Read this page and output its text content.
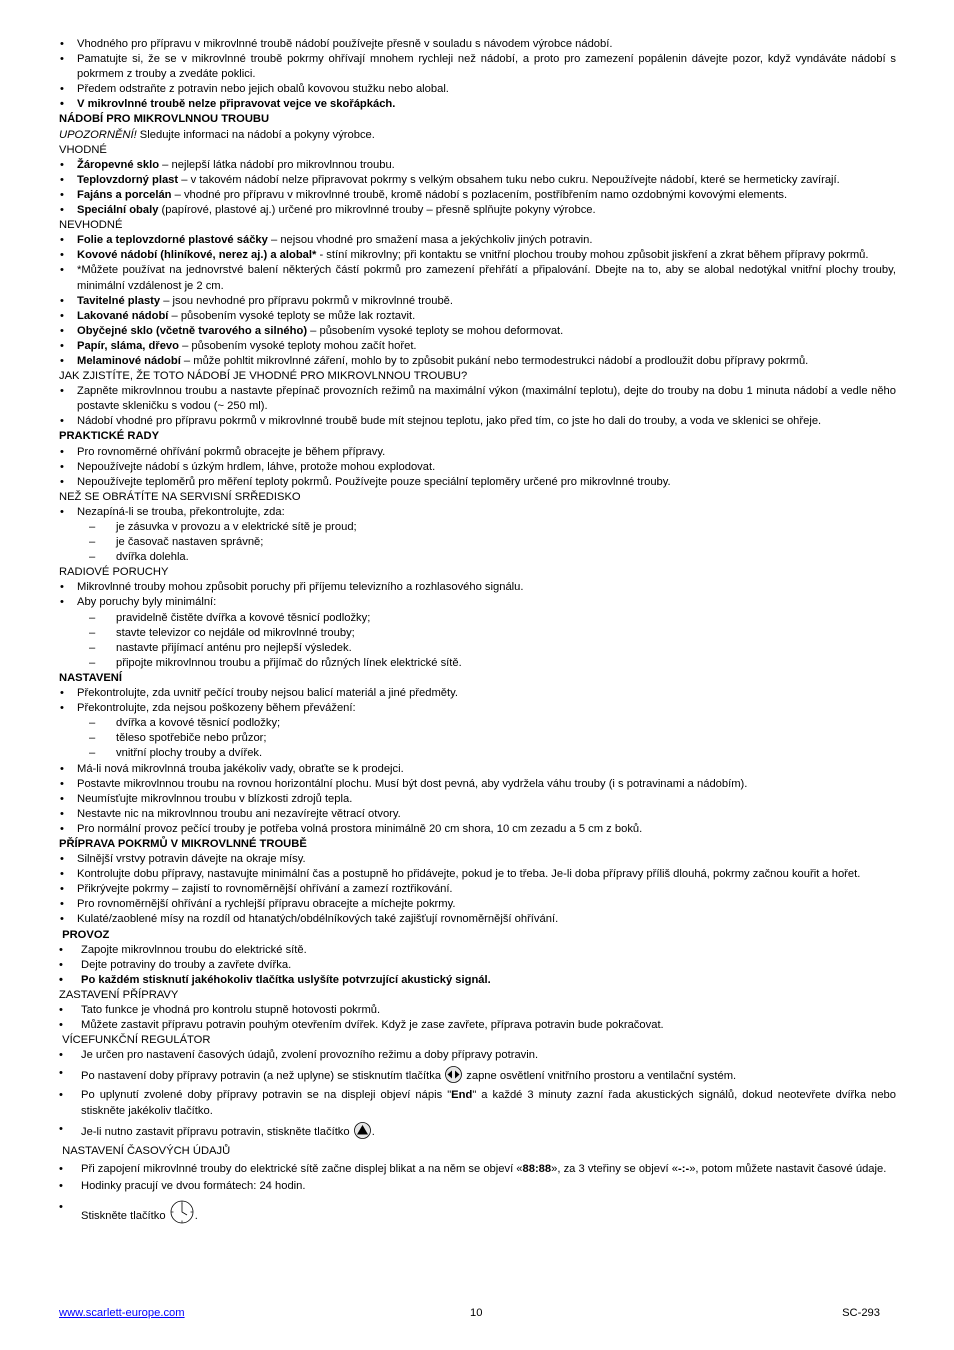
• Vhodného pro přípravu v mikrovlnné troubě nádobí používejte přesně v souladu s návodem výrobce nádobí.

• Pamatujte si, že se v mikrovlnné troubě pokrmy ohřívají mnohem rychleji než nádobí, a proto pro zamezení popálenin dávejte pozor, když vyndáváte nádobí s pokrmem z trouby a zvedáte poklici.

• Předem odstraňte z potravin nebo jejich obalů kovovou stužku nebo alobal.

• V mikrovlnné troubě nelze připravovat vejce ve skořápkách.

NÁDOBÍ PRO MIKROVLNNOU TROUBU

UPOZORNĚNÍ! Sledujte informaci na nádobí a pokyny výrobce.

VHODNÉ

• Žáropevné sklo – nejlepší látka nádobí pro mikrovlnnou troubu.

• Teplovzdorný plast – v takovém nádobí nelze připravovat pokrmy s velkým obsahem tuku nebo cukru. Nepoužívejte nádobí, které se hermeticky zavírají.

• Fajáns a porcelán – vhodné pro přípravu v mikrovlnné troubě, kromě nádobí s pozlacením, postříbřením namo ozdobnými kovovými elements.

• Speciální obaly (papírové, plastové aj.) určené pro mikrovlnné trouby – přesně splňujte pokyny výrobce.

NEVHODNÉ

• Folie a teplovzdorné plastové sáčky – nejsou vhodné pro smažení masa a jekýchkoliv jiných potravin.

• Kovové nádobí (hliníkové, nerez aj.) a alobal* - stíní mikrovlny; při kontaktu se vnitřní plochou trouby mohou způsobit jiskření a zkrat během přípravy pokrmů.

• *Můžete používat na jednovrstvé balení některých částí pokrmů pro zamezení přehřátí a připalování. Dbejte na to, aby se alobal nedotýkal vnitřní plochy trouby, minimální vzdálenost je 2 cm.

• Tavitelné plasty – jsou nevhodné pro přípravu pokrmů v mikrovlnné troubě.

• Lakované nádobí – působením vysoké teploty se může lak roztavit.

• Obyčejné sklo (včetně tvarového a silného) – působením vysoké teploty se mohou deformovat.

• Papír, sláma, dřevo – působením vysoké teploty mohou začít hořet.

• Melaminové nádobí – může pohltit mikrovlnné záření, mohlo by to způsobit pukání nebo termodestrukci nádobí a prodloužit dobu přípravy pokrmů.

JAK ZJISTÍTE, ŽE TOTO NÁDOBÍ JE VHODNÉ PRO MIKROVLNNOU TROUBU?

• Zapněte mikrovlnnou troubu a nastavte přepínač provozních režimů na maximální výkon (maximální teplotu), dejte do trouby na dobu 1 minuta nádobí a vedle něho postavte skleničku s vodou (~ 250 ml).

• Nádobí vhodné pro přípravu pokrmů v mikrovlnné troubě bude mít stejnou teplotu, jako před tím, co jste ho dali do trouby, a voda ve sklenici se ohřeje.

PRAKTICKÉ RADY

• Pro rovnoměrné ohřívání pokrmů obracejte je během přípravy.

• Nepoužívejte nádobí s úzkým hrdlem, láhve, protože mohou explodovat.

• Nepoužívejte teploměrů pro měření teploty pokrmů. Používejte pouze speciální teploměry určené pro mikrovlnné trouby.

NEŽ SE OBRÁTÍTE NA SERVISNÍ SRŘEDISKO

• Nezapíná-li se trouba, překontrolujte, zda:

– je zásuvka v provozu a v elektrické sítě je proud;

– je časovač nastaven správně;

– dvířka dolehla.

RADIOVÉ PORUCHY

• Mikrovlnné trouby mohou způsobit poruchy při příjemu televizního a rozhlasového signálu.

• Aby poruchy byly minimální:

– pravidelně čistěte dvířka a kovové těsnicí podložky;

– stavte televizor co nejdále od mikrovlnné trouby;

– nastavte přijímací anténu pro nejlepší výsledek.

– připojte mikrovlnnou troubu a přijímač do různých línek elektrické sítě.

NASTAVENÍ

• Překontrolujte, zda uvnitř pečící trouby nejsou balicí materiál a jiné předměty.

• Překontrolujte, zda nejsou poškozeny během převážení:

– dvířka a kovové těsnicí podložky;

– těleso spotřebiče nebo průzor;

– vnitřní plochy trouby a dvířek.

• Má-li nová mikrovlnná trouba jakékoliv vady, obraťte se k prodejci.

• Postavte mikrovlnnou troubu na rovnou horizontální plochu. Musí být dost pevná, aby vydržela váhu trouby (i s potravinami a nádobím).

• Neumísťujte mikrovlnnou troubu v blízkosti zdrojů tepla.

• Nestavte nic na mikrovlnnou troubu ani nezavírejte větrací otvory.

• Pro normální provoz pečící trouby je potřeba volná prostora minimálně 20 cm shora, 10 cm zezadu a 5 cm z boků.

PŘÍPRAVA POKRMŮ V MIKROVLNNÉ TROUBĚ

• Silnější vrstvy potravin dávejte na okraje mísy.

• Kontrolujte dobu přípravy, nastavujte minimální čas a postupně ho přidávejte, pokud je to třeba. Je-li doba přípravy příliš dlouhá, pokrmy začnou kouřit a hořet.

• Přikrývejte pokrmy – zajistí to rovnoměrnější ohřívání a zamezí roztřikování.

• Pro rovnoměrnější ohřívání a rychlejší přípravu obracejte a míchejte pokrmy.

• Kulaté/zaoblené mísy na rozdíl od htanatých/obdélníkových také zajišťují rovnoměrnější ohřívání.

PROVOZ

• Zapojte mikrovlnnou troubu do elektrické sítě.

• Dejte potraviny do trouby a zavřete dvířka.

• Po každém stisknutí jakéhokoliv tlačítka uslyšíte potvrzující akustický signál.

ZASTAVENÍ PŘÍPRAVY

• Tato funkce je vhodná pro kontrolu stupně hotovosti pokrmů.

• Můžete zastavit přípravu potravin pouhým otevřením dvířek. Když je zase zavřete, příprava potravin bude pokračovat.

VÍCEFUNKČNÍ REGULÁTOR

• Je určen pro nastavení časových údajů, zvolení provozního režimu a doby přípravy potravin.

• Po nastavení doby přípravy potravin (a než uplyne) se stisknutím tlačítka  zapne osvětlení vnitřního prostoru a ventilační systém.

• Po uplynutí zvolené doby přípravy potravin se na displeji objeví nápis "End" a každé 3 minuty zazní řada akustických signálů, dokud neotevřete dvířka nebo stiskněte jakékoliv tlačítko.

• Je-li nutno zastavit přípravu potravin, stiskněte tlačítko .

NASTAVENÍ ČASOVÝCH ÚDAJŮ

• Při zapojení mikrovlnné trouby do elektrické sítě začne displej blikat a na něm se objeví «88:88», za 3 vteřiny se objeví «-:-», potom můžete nastavit časové údaje.

• Hodinky pracují ve dvou formátech: 24 hodin.

• Stiskněte tlačítko .

www.scarlett-europe.com	10	SC-293
